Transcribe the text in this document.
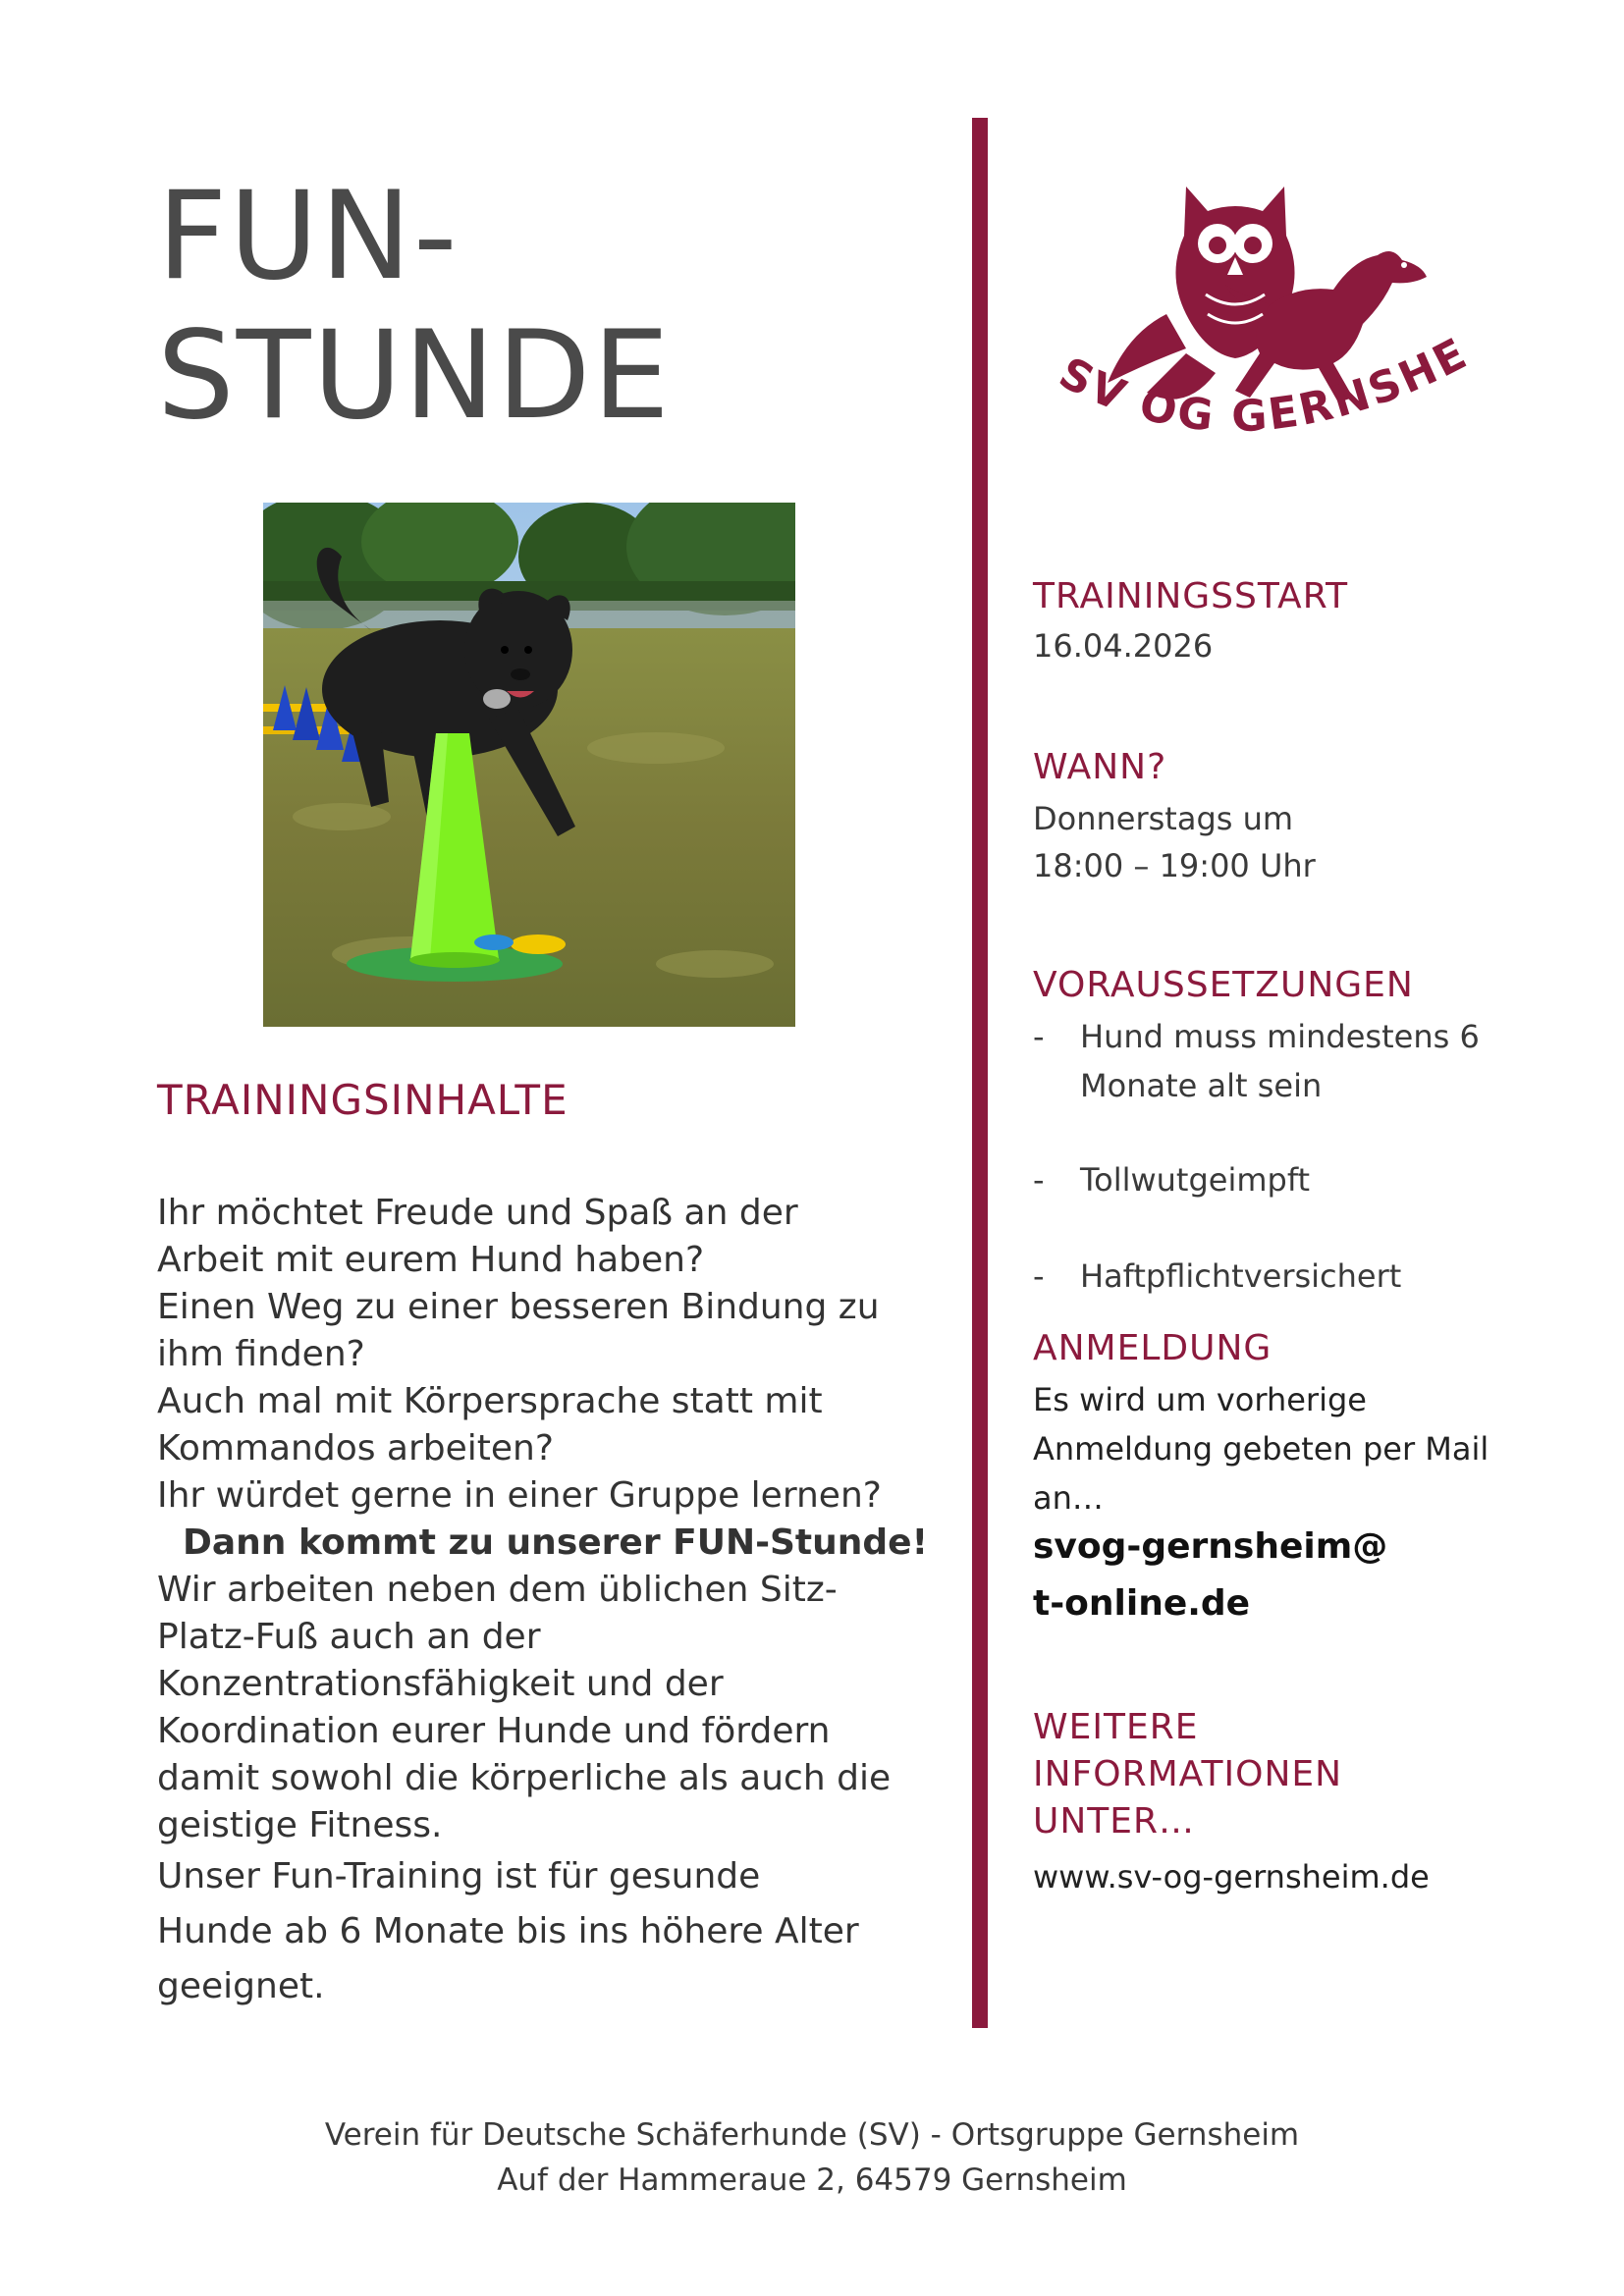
FUN-
STUNDE
TRAININGSINHALTE
Ihr möchtet Freude und Spaß an der
Arbeit mit eurem Hund haben?
Einen Weg zu einer besseren Bindung zu
ihm finden?
Auch mal mit Körpersprache statt mit
Kommandos arbeiten?
Ihr würdet gerne in einer Gruppe lernen?
Dann kommt zu unserer FUN-Stunde!
Wir arbeiten neben dem üblichen Sitz-
Platz-Fuß auch an der
Konzentrationsfähigkeit und der
Koordination eurer Hunde und fördern
damit sowohl die körperliche als auch die
geistige Fitness.
Unser Fun-Training ist für gesunde
Hunde ab 6 Monate bis ins höhere Alter
geeignet.
SV OG GERNSHE
TRAININGSSTART
16.04.2026
WANN?
Donnerstags um
18:00 – 19:00 Uhr
VORAUSSETZUNGEN
- Hund muss mindestens 6
Monate alt sein
- Tollwutgeimpft
- Haftpflichtversichert
ANMELDUNG
Es wird um vorherige
Anmeldung gebeten per Mail
an…
svog-gernsheim@
t-online.de
WEITERE
INFORMATIONEN
UNTER…
www.sv-og-gernsheim.de
Verein für Deutsche Schäferhunde (SV) - Ortsgruppe Gernsheim
Auf der Hammeraue 2, 64579 Gernsheim
